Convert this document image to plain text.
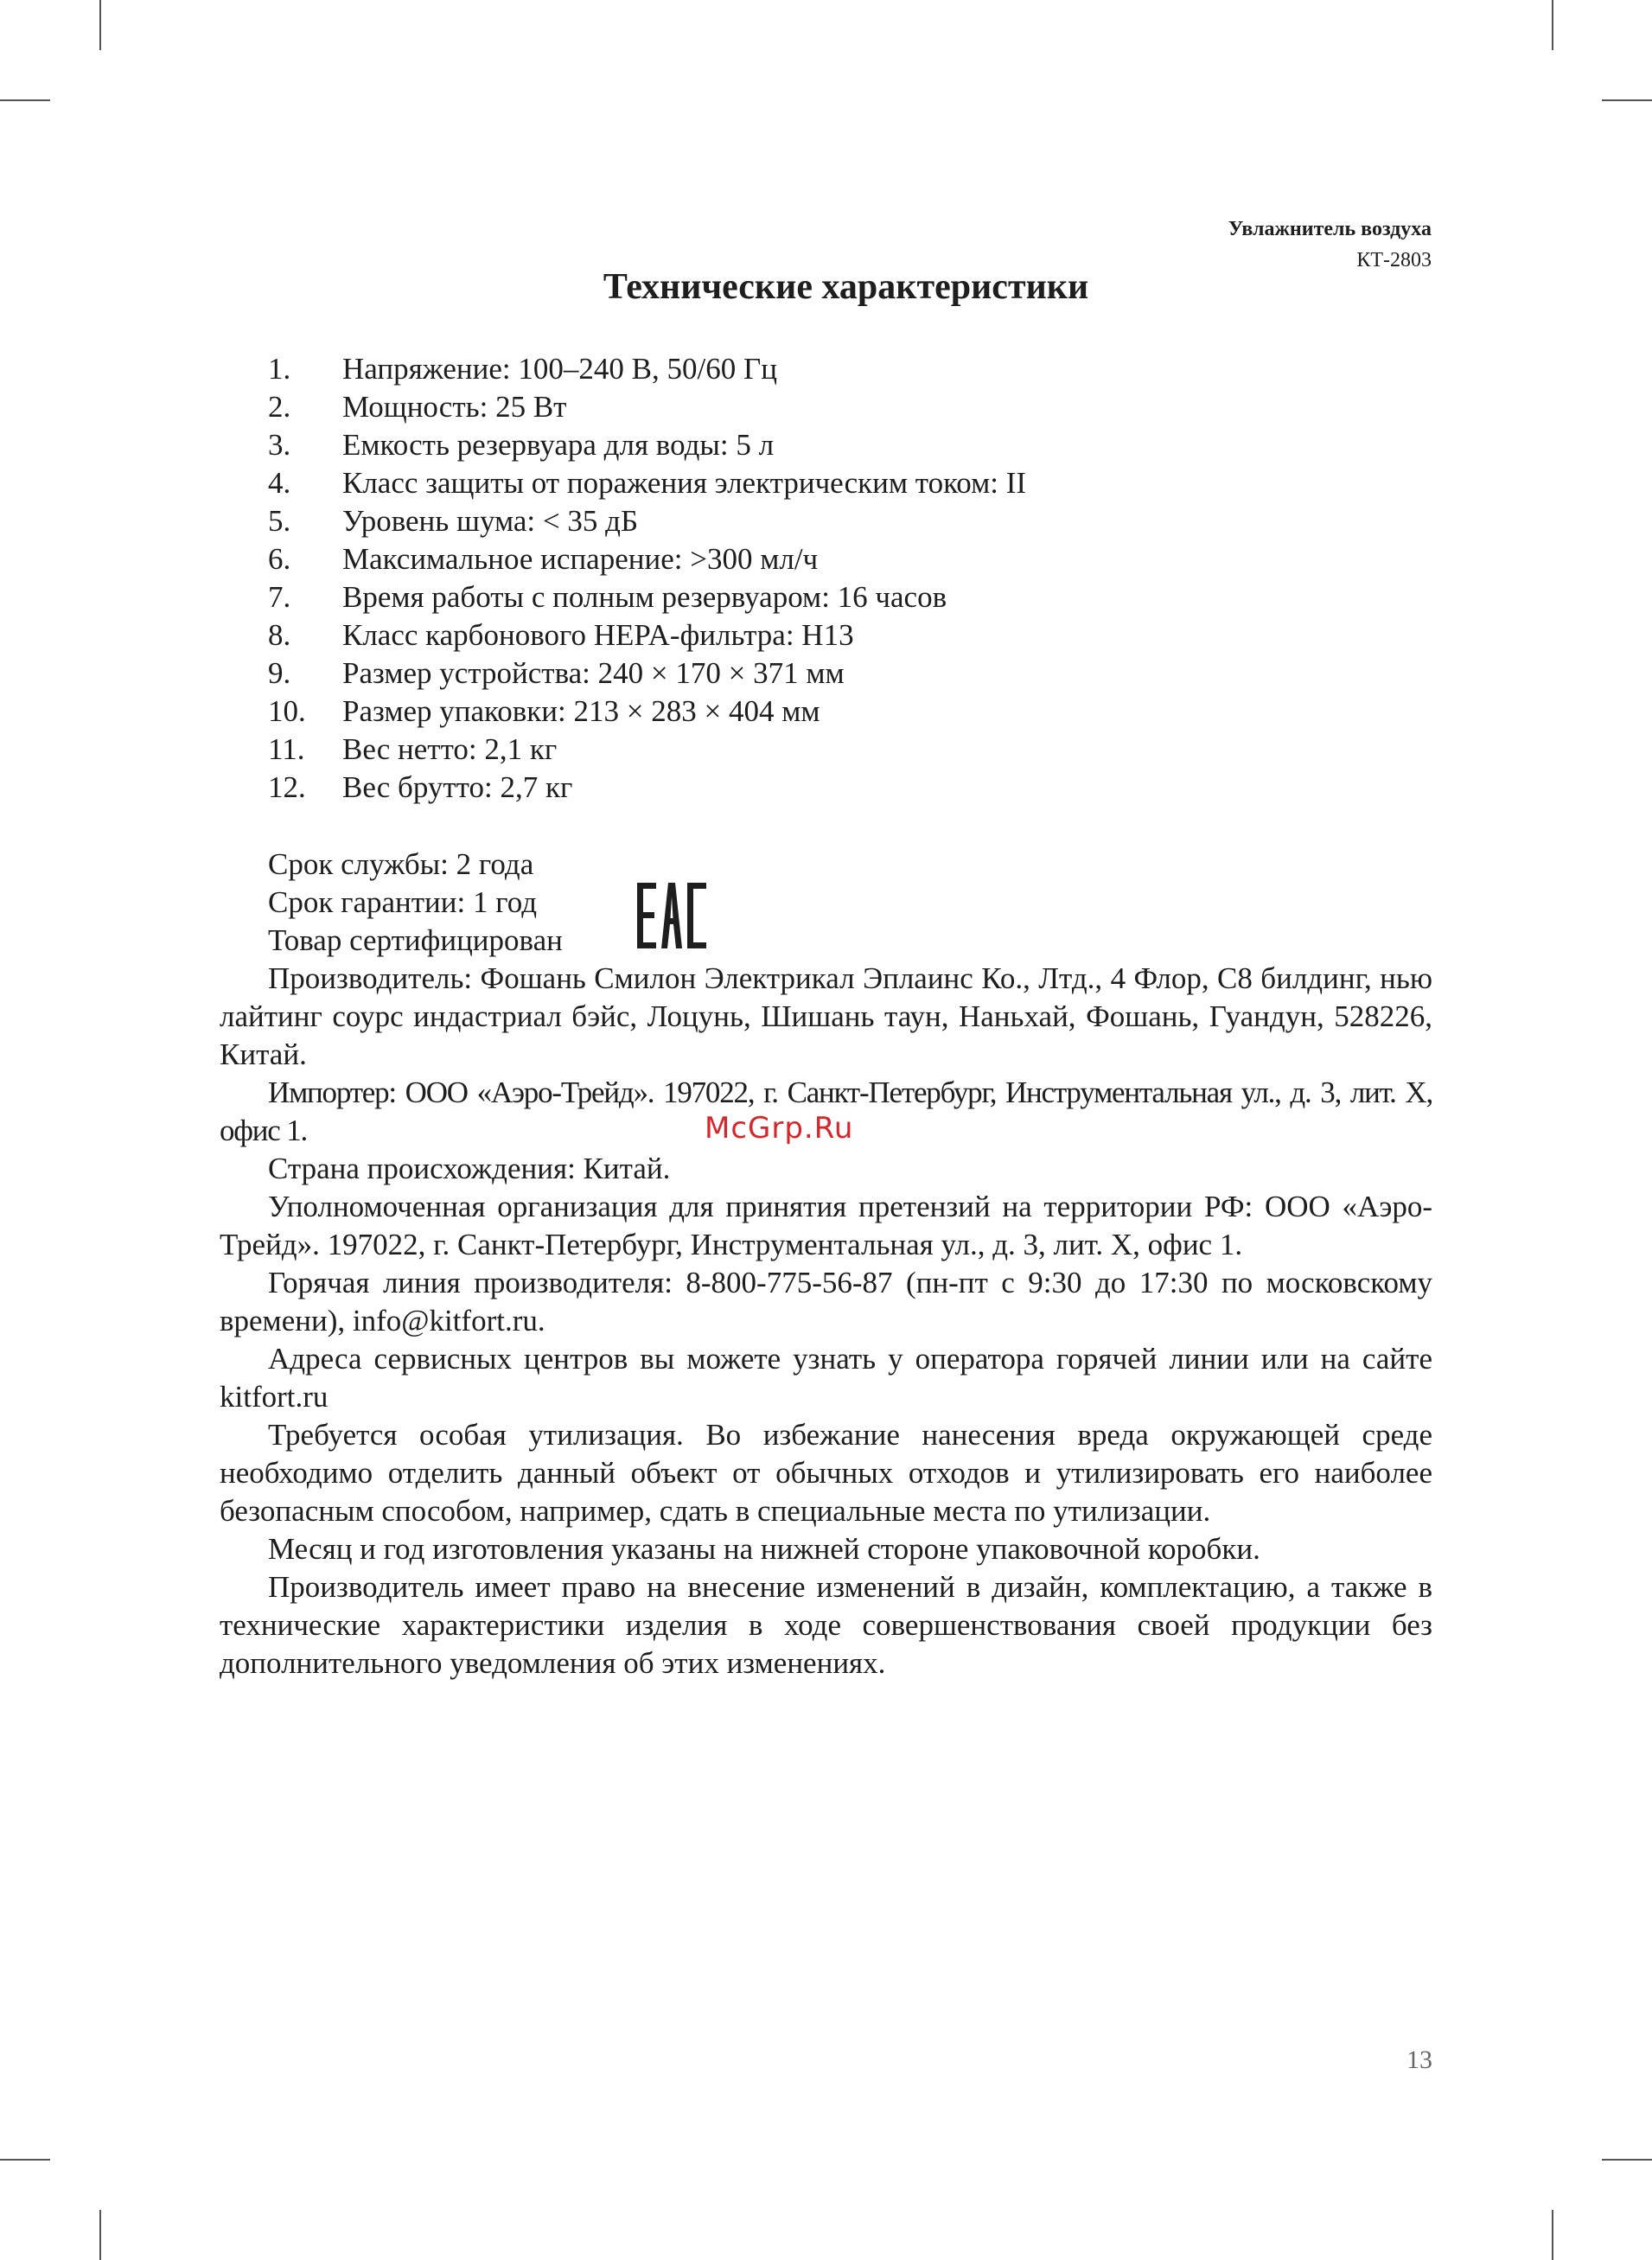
Увлажнитель воздуха
КТ-2803
Технические характеристики
1.	Напряжение: 100–240 В, 50/60 Гц
2.	Мощность: 25 Вт
3.	Емкость резервуара для воды: 5 л
4.	Класс защиты от поражения электрическим током: II
5.	Уровень шума: < 35 дБ
6.	Максимальное испарение: >300 мл/ч
7.	Время работы с полным резервуаром: 16 часов
8.	Класс карбонового HEPA-фильтра: H13
9.	Размер устройства: 240 × 170 × 371 мм
10.	Размер упаковки: 213 × 283 × 404 мм
11.	Вес нетто: 2,1 кг
12.	Вес брутто: 2,7 кг
Срок службы: 2 года
Срок гарантии: 1 год
Товар сертифицирован

Производитель: Фошань Смилон Электрикал Эплаинс Ко., Лтд., 4 Флор, С8 билдинг, нью лайтинг соурс индастриал бэйс, Лоцунь, Шишань таун, Наньхай, Фошань, Гуандун, 528226, Китай.

Импортер: ООО «Аэро-Трейд». 197022, г. Санкт-Петербург, Инструментальная ул., д. 3, лит. Х, офис 1.

Страна происхождения: Китай.

Уполномоченная организация для принятия претензий на территории РФ: ООО «Аэро-Трейд». 197022, г. Санкт-Петербург, Инструментальная ул., д. 3, лит. Х, офис 1.

Горячая линия производителя: 8-800-775-56-87 (пн-пт с 9:30 до 17:30 по московскому времени), info@kitfort.ru.

Адреса сервисных центров вы можете узнать у оператора горячей линии или на сайте kitfort.ru

Требуется особая утилизация. Во избежание нанесения вреда окружающей среде необходимо отделить данный объект от обычных отходов и утилизировать его наиболее безопасным способом, например, сдать в специальные места по утилизации.

Месяц и год изготовления указаны на нижней стороне упаковочной коробки.

Производитель имеет право на внесение изменений в дизайн, комплектацию, а также в технические характеристики изделия в ходе совершенствования своей продукции без дополнительного уведомления об этих изменениях.

McGrp.Ru
13
